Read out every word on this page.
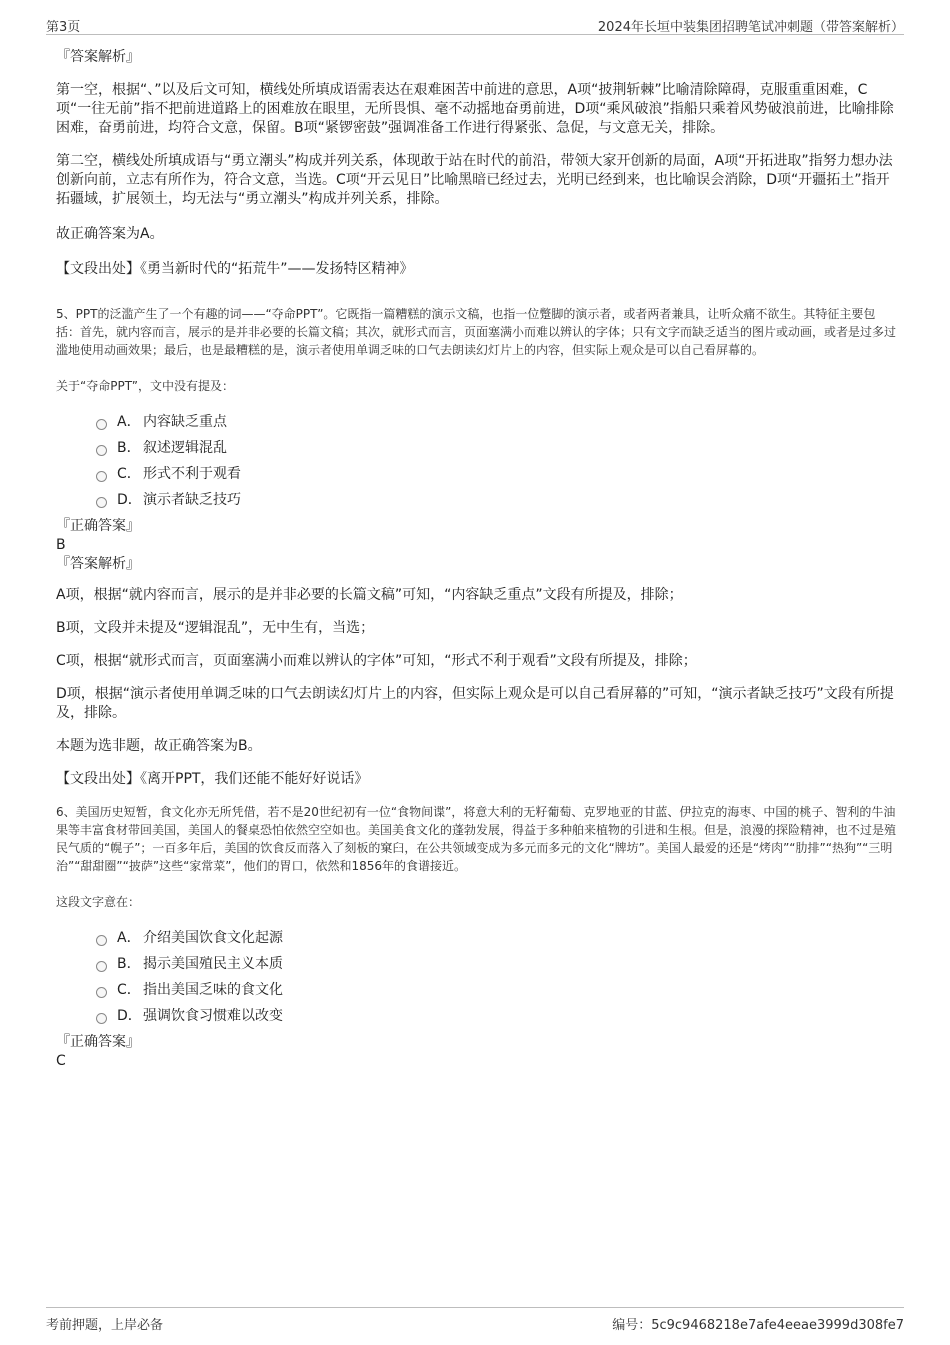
第3页	2024年长垣中装集团招聘笔试冲刺题（带答案解析）

『答案解析』

第一空，根据“、”以及后文可知，横线处所填成语需表达在艰难困苦中前进的意思，A项“披荆斩棘”比喻清除障碍，克服重重困难，C项“一往无前”指不把前进道路上的困难放在眼里，无所畏惧、毫不动摇地奋勇前进，D项“乘风破浪”指船只乘着风势破浪前进，比喻排除困难，奋勇前进，均符合文意，保留。B项“紧锣密鼓”强调准备工作进行得紧张、急促，与文意无关，排除。

第二空，横线处所填成语与“勇立潮头”构成并列关系，体现敢于站在时代的前沿，带领大家开创新的局面，A项“开拓进取”指努力想办法创新向前，立志有所作为，符合文意，当选。C项“开云见日”比喻黑暗已经过去，光明已经到来，也比喻误会消除，D项“开疆拓土”指开拓疆域，扩展领土，均无法与“勇立潮头”构成并列关系，排除。

故正确答案为A。

【文段出处】《勇当新时代的“拓荒牛”——发扬特区精神》

5、PPT的泛滥产生了一个有趣的词——“夺命PPT”。它既指一篇糟糕的演示文稿，也指一位蹩脚的演示者，或者两者兼具，让听众痛不欲生。其特征主要包括：首先，就内容而言，展示的是并非必要的长篇文稿；其次，就形式而言，页面塞满小而难以辨认的字体；只有文字而缺乏适当的图片或动画，或者是过多过滥地使用动画效果；最后，也是最糟糕的是，演示者使用单调乏味的口气去朗读幻灯片上的内容，但实际上观众是可以自己看屏幕的。

关于“夺命PPT”，文中没有提及：

A． 内容缺乏重点
B． 叙述逻辑混乱
C． 形式不利于观看
D． 演示者缺乏技巧

『正确答案』

B

『答案解析』

A项，根据“就内容而言，展示的是并非必要的长篇文稿”可知，“内容缺乏重点”文段有所提及，排除；

B项，文段并未提及“逻辑混乱”，无中生有，当选；

C项，根据“就形式而言，页面塞满小而难以辨认的字体”可知，“形式不利于观看”文段有所提及，排除；

D项，根据“演示者使用单调乏味的口气去朗读幻灯片上的内容，但实际上观众是可以自己看屏幕的”可知，“演示者缺乏技巧”文段有所提及，排除。

本题为选非题，故正确答案为B。

【文段出处】《离开PPT，我们还能不能好好说话》

6、美国历史短暂，食文化亦无所凭借，若不是20世纪初有一位“食物间谍”，将意大利的无籽葡萄、克罗地亚的甘蓝、伊拉克的海枣、中国的桃子、智利的牛油果等丰富食材带回美国，美国人的餐桌恐怕依然空空如也。美国美食文化的蓬勃发展，得益于多种舶来植物的引进和生根。但是，浪漫的探险精神，也不过是殖民气质的“幌子”；一百多年后，美国的饮食反而落入了刻板的窠臼，在公共领域变成为多元而多元的文化“牌坊”。美国人最爱的还是“烤肉”“肋排”“热狗”“三明治”“甜甜圈”“披萨”这些“家常菜”，他们的胃口，依然和1856年的食谱接近。

这段文字意在：

A． 介绍美国饮食文化起源
B． 揭示美国殖民主义本质
C． 指出美国乏味的食文化
D． 强调饮食习惯难以改变

『正确答案』

C

考前押题，上岸必备	编号：5c9c9468218e7afe4eeae3999d308fe7
